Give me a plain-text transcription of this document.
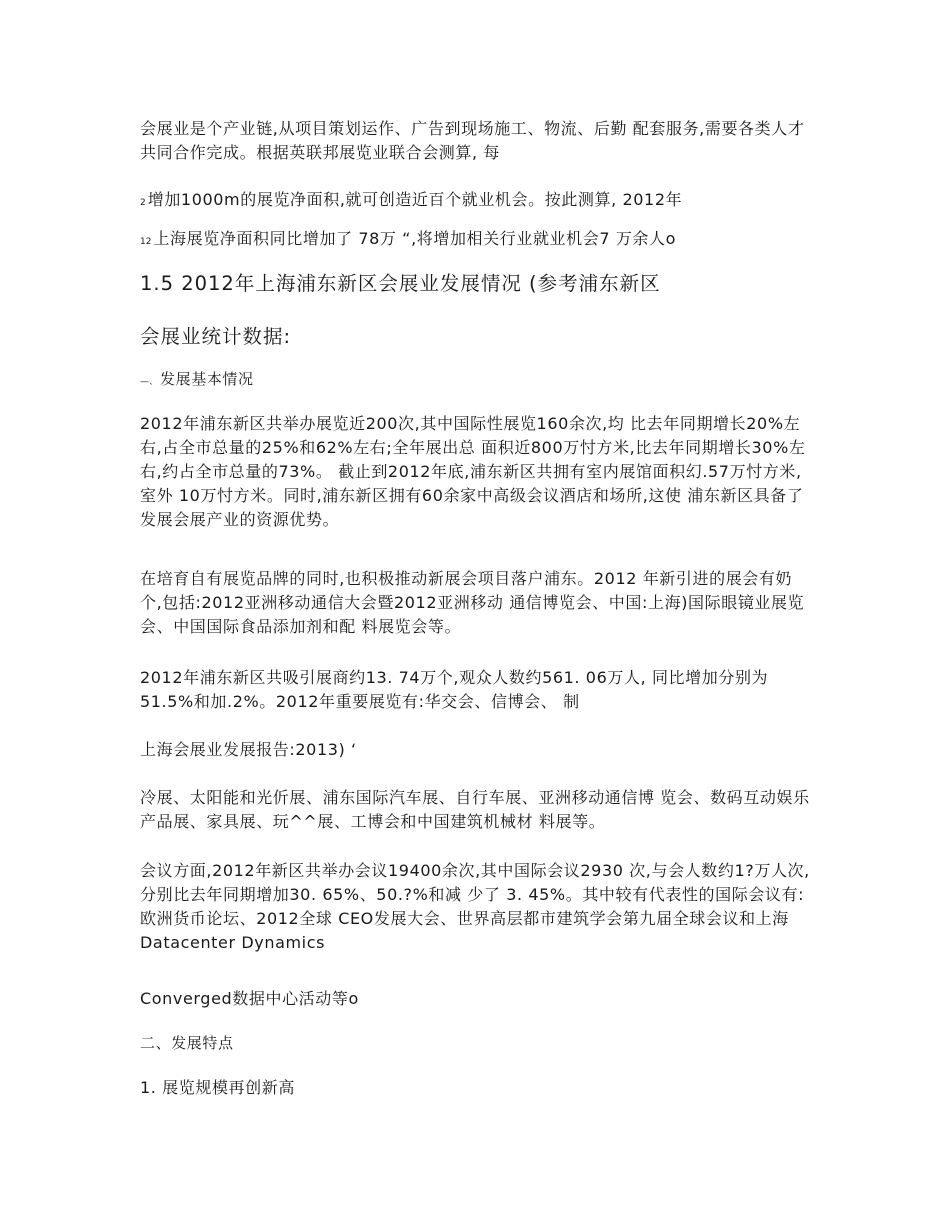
会展业是个产业链,从项目策划运作、广告到现场施工、物流、后勤 配套服务,需要各类人才共同合作完成。根据英联邦展览业联合会测算, 每

2 增加1000m的展览净面积,就可创造近百个就业机会。按此测算, 2012年

12 上海展览净面积同比增加了 78万 “,将增加相关行业就业机会7 万余人o

1.5 2012年上海浦东新区会展业发展情况 (参考浦东新区

会展业统计数据:

—、 发展基本情况

2012年浦东新区共举办展览近200次,其中国际性展览160余次,均 比去年同期增长20%左右,占全市总量的25%和62%左右;全年展出总 面积近800万忖方米,比去年同期增长30%左右,约占全市总量的73%。 截止到2012年底,浦东新区共拥有室内展馆面积幻.57万忖方米,室外 10万忖方米。同时,浦东新区拥有60余家中高级会议酒店和场所,这使 浦东新区具备了发展会展产业的资源优势。

在培育自有展览品牌的同时,也积极推动新展会项目落户浦东。2012 年新引进的展会有奶个,包括:2012亚洲移动通信大会暨2012亚洲移动 通信博览会、中国:上海)国际眼镜业展览会、中国国际食品添加剂和配 料展览会等。

2012年浦东新区共吸引展商约13. 74万个,观众人数约561. 06万人, 同比增加分别为51.5%和加.2%。2012年重要展览有:华交会、信博会、 制

上海会展业发展报告:2013) ‘

冷展、太阳能和光伒展、浦东国际汽车展、自行车展、亚洲移动通信博 览会、数码互动娱乐产品展、家具展、玩^^展、工博会和中国建筑机械材 料展等。

会议方面,2012年新区共举办会议19400余次,其中国际会议2930 次,与会人数约1?万人次,分别比去年同期增加30. 65%、50.?%和减 少了 3. 45%。其中较有代表性的国际会议有:欧洲货币论坛、2012全球 CEO发展大会、世界高层都市建筑学会第九届全球会议和上海Datacenter Dynamics

Converged数据中心活动等o

二、发展特点

1. 展览规模再创新高
